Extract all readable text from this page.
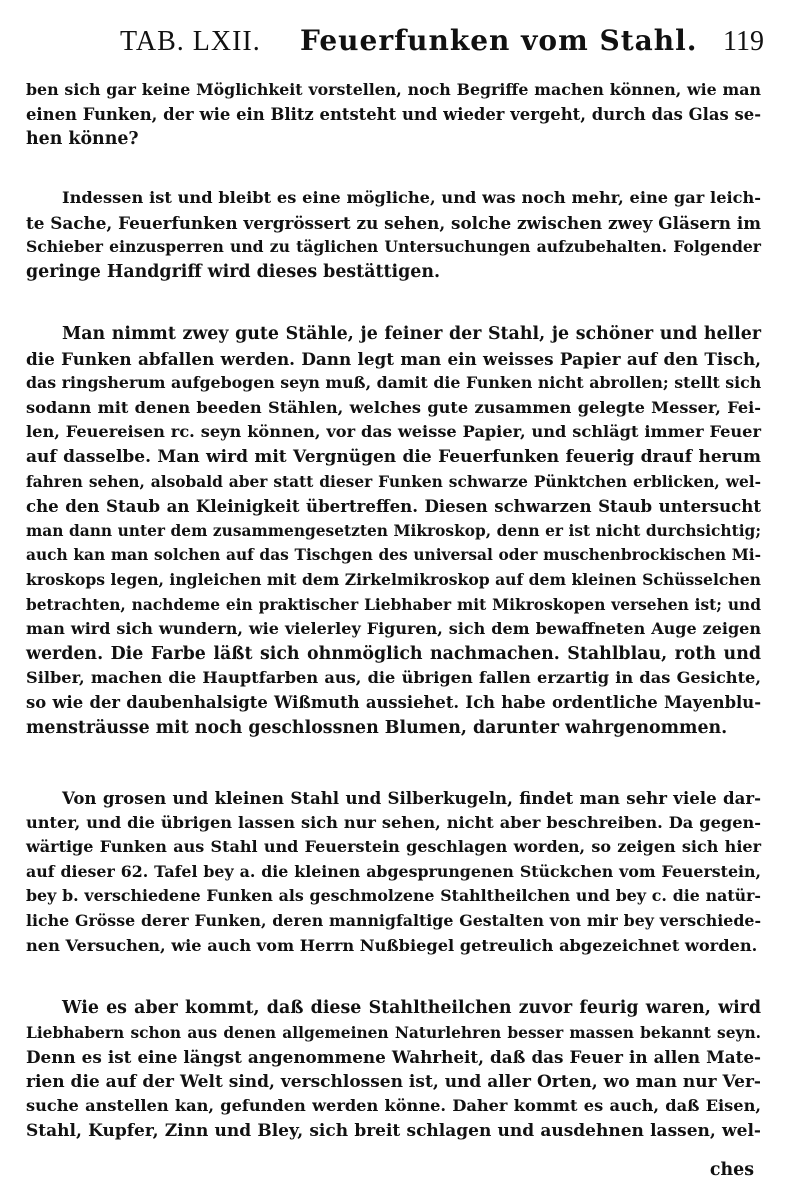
TAB. LXII. Feuerfunken vom Stahl. 119
ben sich gar keine Möglichkeit vorstellen, noch Begriffe machen können, wie man
einen Funken, der wie ein Blitz entsteht und wieder vergeht, durch das Glas se-
hen könne?
Indessen ist und bleibt es eine mögliche, und was noch mehr, eine gar leich-
te Sache, Feuerfunken vergrössert zu sehen, solche zwischen zwey Gläsern im
Schieber einzusperren und zu täglichen Untersuchungen aufzubehalten. Folgender
geringe Handgriff wird dieses bestättigen.
Man nimmt zwey gute Stähle, je feiner der Stahl, je schöner und heller
die Funken abfallen werden. Dann legt man ein weisses Papier auf den Tisch,
das ringsherum aufgebogen seyn muß, damit die Funken nicht abrollen; stellt sich
sodann mit denen beeden Stählen, welches gute zusammen gelegte Messer, Fei-
len, Feuereisen rc. seyn können, vor das weisse Papier, und schlägt immer Feuer
auf dasselbe. Man wird mit Vergnügen die Feuerfunken feuerig drauf herum
fahren sehen, alsobald aber statt dieser Funken schwarze Pünktchen erblicken, wel-
che den Staub an Kleinigkeit übertreffen. Diesen schwarzen Staub untersucht
man dann unter dem zusammengesetzten Mikroskop, denn er ist nicht durchsichtig;
auch kan man solchen auf das Tischgen des universal oder muschenbrockischen Mi-
kroskops legen, ingleichen mit dem Zirkelmikroskop auf dem kleinen Schüsselchen
betrachten, nachdeme ein praktischer Liebhaber mit Mikroskopen versehen ist; und
man wird sich wundern, wie vielerley Figuren, sich dem bewaffneten Auge zeigen
werden. Die Farbe läßt sich ohnmöglich nachmachen. Stahlblau, roth und
Silber, machen die Hauptfarben aus, die übrigen fallen erzartig in das Gesichte,
so wie der daubenhalsigte Wißmuth aussiehet. Ich habe ordentliche Mayenblu-
mensträusse mit noch geschlossnen Blumen, darunter wahrgenommen.
Von grosen und kleinen Stahl und Silberkugeln, findet man sehr viele dar-
unter, und die übrigen lassen sich nur sehen, nicht aber beschreiben. Da gegen-
wärtige Funken aus Stahl und Feuerstein geschlagen worden, so zeigen sich hier
auf dieser 62. Tafel bey a. die kleinen abgesprungenen Stückchen vom Feuerstein,
bey b. verschiedene Funken als geschmolzene Stahltheilchen und bey c. die natür-
liche Grösse derer Funken, deren mannigfaltige Gestalten von mir bey verschiede-
nen Versuchen, wie auch vom Herrn Nußbiegel getreulich abgezeichnet worden.
Wie es aber kommt, daß diese Stahltheilchen zuvor feurig waren, wird
Liebhabern schon aus denen allgemeinen Naturlehren besser massen bekannt seyn.
Denn es ist eine längst angenommene Wahrheit, daß das Feuer in allen Mate-
rien die auf der Welt sind, verschlossen ist, und aller Orten, wo man nur Ver-
suche anstellen kan, gefunden werden könne. Daher kommt es auch, daß Eisen,
Stahl, Kupfer, Zinn und Bley, sich breit schlagen und ausdehnen lassen, wel-
ches
